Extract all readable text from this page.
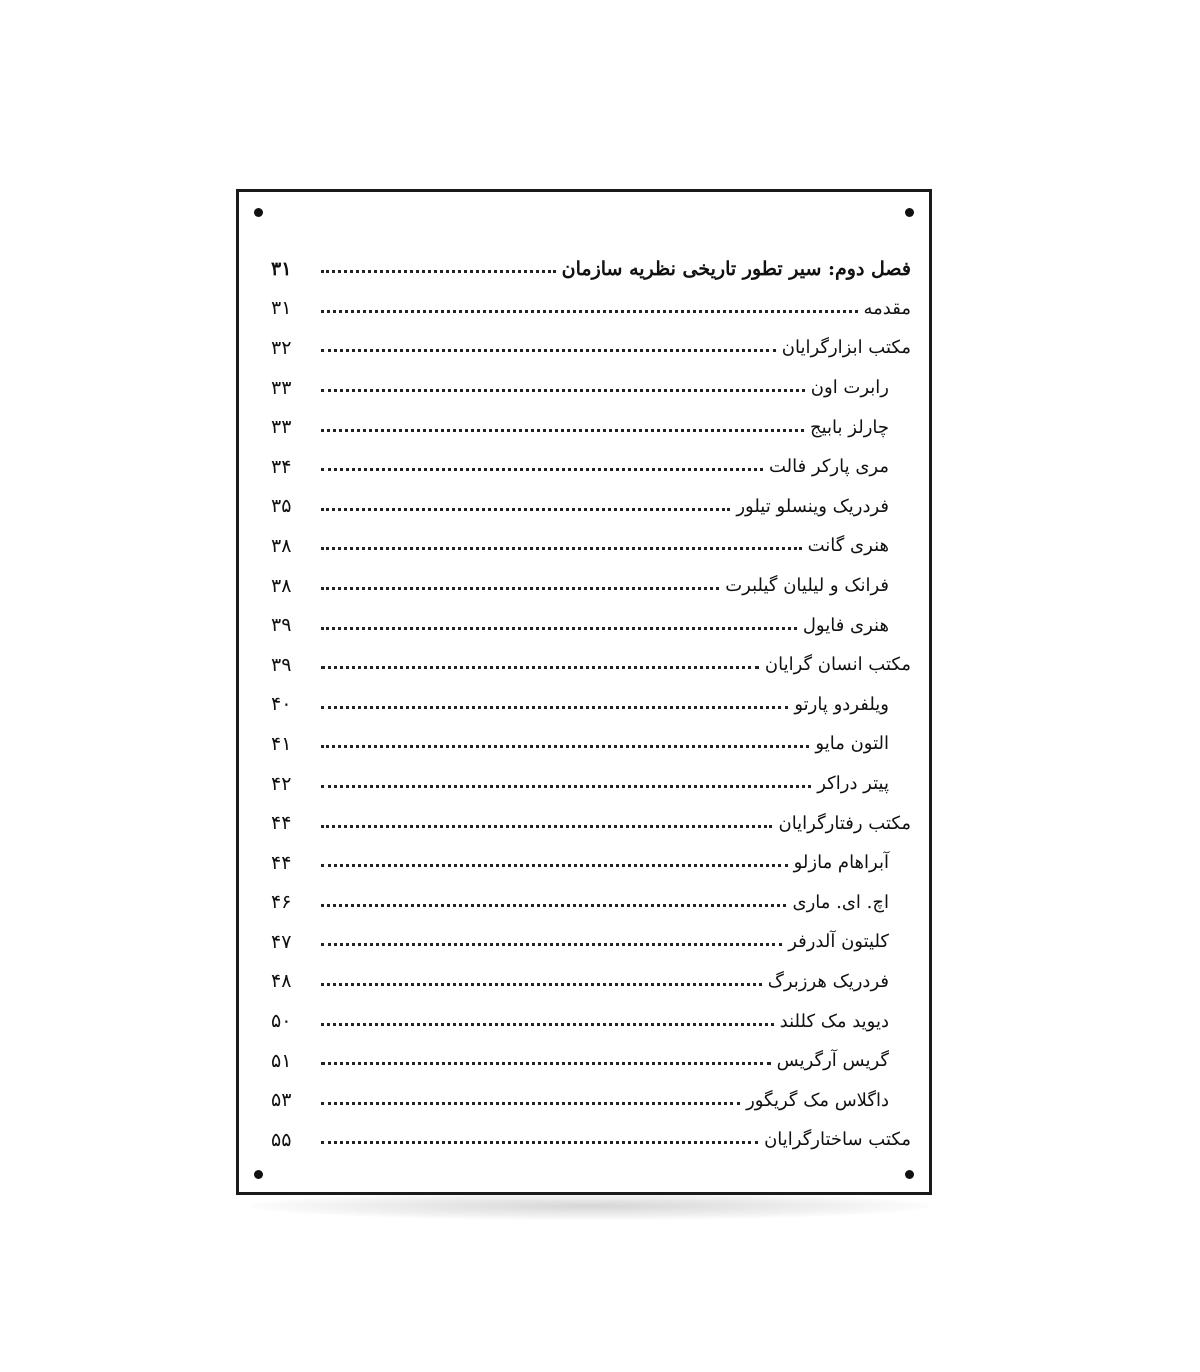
فصل دوم: سیر تطور تاریخی نظریه سازمان
۳۱
مقدمه
۳۱
مکتب ابزارگرایان
۳۲
رابرت اون
۳۳
چارلز بابیج
۳۳
مری پارکر فالت
۳۴
فردریک وینسلو تیلور
۳۵
هنری گانت
۳۸
فرانک و لیلیان گیلبرت
۳۸
هنری فایول
۳۹
مکتب انسان گرایان
۳۹
ویلفردو پارتو
۴۰
التون مایو
۴۱
پیتر دراکر
۴۲
مکتب رفتارگرایان
۴۴
آبراهام مازلو
۴۴
اچ. ای. ماری
۴۶
کلیتون آلدرفر
۴۷
فردریک هرزبرگ
۴۸
دیوید مک کللند
۵۰
گریس آرگریس
۵۱
داگلاس مک گریگور
۵۳
مکتب ساختارگرایان
۵۵
